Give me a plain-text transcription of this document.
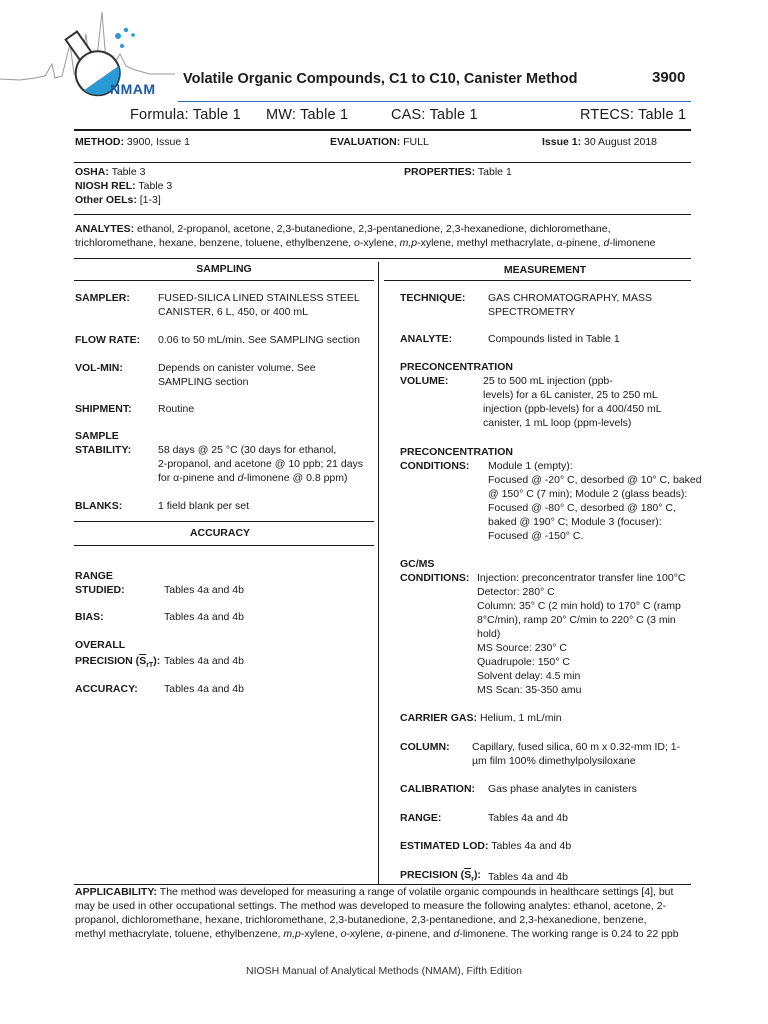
NMAM
Volatile Organic Compounds, C1 to C10, Canister Method	3900
Formula: Table 1 MW: Table 1	CAS: Table 1	RTECS: Table 1
METHOD: 3900, Issue 1	EVALUATION: FULL	Issue 1: 30 August 2018
OSHA: Table 3
NIOSH REL: Table 3
Other OELs: [1-3]
PROPERTIES: Table 1
ANALYTES: ethanol, 2-propanol, acetone, 2,3-butanedione, 2,3-pentanedione, 2,3-hexanedione, dichloromethane,
trichloromethane, hexane, benzene, toluene, ethylbenzene, o-xylene, m,p-xylene, methyl methacrylate, α-pinene, d-limonene
SAMPLING
SAMPLER:	FUSED-SILICA LINED STAINLESS STEEL
CANISTER, 6 L, 450, or 400 mL
FLOW RATE: 0.06 to 50 mL/min. See SAMPLING section
VOL-MIN:	Depends on canister volume. See
SAMPLING section
SHIPMENT:	Routine
SAMPLE
STABILITY:	58 days @ 25 °C (30 days for ethanol,
2-propanol, and acetone @ 10 ppb; 21 days
for α-pinene and d-limonene @ 0.8 ppm)
BLANKS:	1 field blank per set
ACCURACY
RANGE
STUDIED:	Tables 4a and 4b
BIAS:	Tables 4a and 4b
OVERALL
PRECISION $(\overline{S}_{rT})$: Tables 4a and 4b
ACCURACY: Tables 4a and 4b
MEASUREMENT
TECHNIQUE: GAS CHROMATOGRAPHY, MASS
SPECTROMETRY
ANALYTE:	Compounds listed in Table 1
PRECONCENTRATION
VOLUME:	25 to 500 mL injection (ppb-
levels) for a 6L canister, 25 to 250 mL
injection (ppb-levels) for a 400/450 mL
canister, 1 mL loop (ppm-levels)
PRECONCENTRATION
CONDITIONS: Module 1 (empty):
Focused @ -20° C, desorbed @ 10° C, baked
@ 150° C (7 min); Module 2 (glass beads):
Focused @ -80° C, desorbed @ 180° C,
baked @ 190° C; Module 3 (focuser):
Focused @ -150° C.
GC/MS
CONDITIONS: Injection: preconcentrator transfer line 100°C
Detector: 280° C
Column: 35° C (2 min hold) to 170° C (ramp
8°C/min), ramp 20° C/min to 220° C (3 min
hold)
MS Source: 230° C
Quadrupole: 150° C
Solvent delay: 4.5 min
MS Scan: 35-350 amu
CARRIER GAS: Helium, 1 mL/min
COLUMN: Capillary, fused silica, 60 m x 0.32-mm ID; 1-
µm film 100% dimethylpolysiloxane
CALIBRATION: Gas phase analytes in canisters
RANGE:	Tables 4a and 4b
ESTIMATED LOD: Tables 4a and 4b
PRECISION $(\overline{S}_r)$: Tables 4a and 4b
APPLICABILITY: The method was developed for measuring a range of volatile organic compounds in healthcare settings [4], but
may be used in other occupational settings. The method was developed to measure the following analytes: ethanol, acetone, 2-
propanol, dichloromethane, hexane, trichloromethane, 2,3-butanedione, 2,3-pentanedione, and 2,3-hexanedione, benzene,
methyl methacrylate, toluene, ethylbenzene, m,p-xylene, o-xylene, α-pinene, and d-limonene. The working range is 0.24 to 22 ppb
NIOSH Manual of Analytical Methods (NMAM), Fifth Edition
